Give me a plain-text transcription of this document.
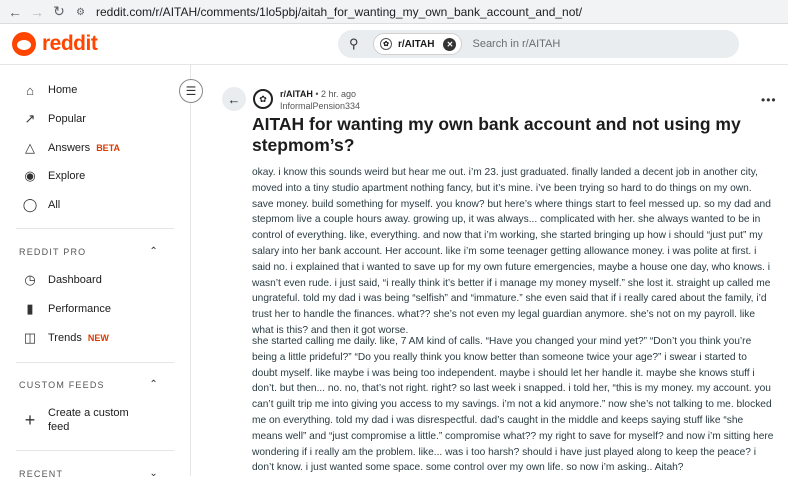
← → ↻	⚙ reddit.com/r/AITAH/comments/1lo5pbj/aitah_for_wanting_my_own_bank_account_and_not/
reddit	⚲	✿ r/AITAH	✕ Search in r/AITAH
☰
⌂	Home
↗	Popular
△	Answers BETA
◉	Explore
◯ All
REDDIT PRO	⌃
◷	Dashboard
▮	Performance
◫	Trends NEW
CUSTOM FEEDS	⌃
+	Create a custom feed
RECENT	⌄
←	✿	r/AITAH • 2 hr. ago
InformalPension334	•••
AITAH for wanting my own bank account and not using my stepmom’s?

okay. i know this sounds weird but hear me out. i’m 23. just graduated. finally landed a decent job in another city, moved into a tiny studio apartment nothing fancy, but it’s mine. i’ve been trying so hard to do things on my own. save money. build something for myself. you know? but here’s where things start to feel messed up. so my dad and stepmom live a couple hours away. growing up, it was always... complicated with her. she always wanted to be in control of everything. like, everything. and now that i’m working, she started bringing up how i should “just put” my salary into her bank account. Her account. like i’m some teenager getting allowance money. i was polite at first. i said no. i explained that i wanted to save up for my own future emergencies, maybe a house one day, who knows. i wasn’t even rude. i just said, “i really think it’s better if i manage my money myself.” she lost it. straight up called me ungrateful. told my dad i was being “selfish” and “immature.” she even said that if i really cared about the family, i’d trust her to handle the finances. what?? she’s not even my legal guardian anymore. she’s not on my payroll. like what is this? and then it got worse.

she started calling me daily. like, 7 AM kind of calls. “Have you changed your mind yet?” “Don’t you think you’re being a little prideful?” “Do you really think you know better than someone twice your age?” i swear i started to doubt myself. like maybe i was being too independent. maybe i should let her handle it. maybe she knows stuff i don’t. but then... no. no, that’s not right. right? so last week i snapped. i told her, “this is my money. my account. you can’t guilt trip me into giving you access to my savings. i’m not a kid anymore.” now she’s not talking to me. blocked me on everything. told my dad i was disrespectful. dad’s caught in the middle and keeps saying stuff like “she means well” and “just compromise a little.” compromise what?? my right to save for myself? and now i’m sitting here wondering if i really am the problem. like... was i too harsh? should i have just played along to keep the peace? i don’t know. i just wanted some space. some control over my own life. so now i’m asking.. Aitah?
